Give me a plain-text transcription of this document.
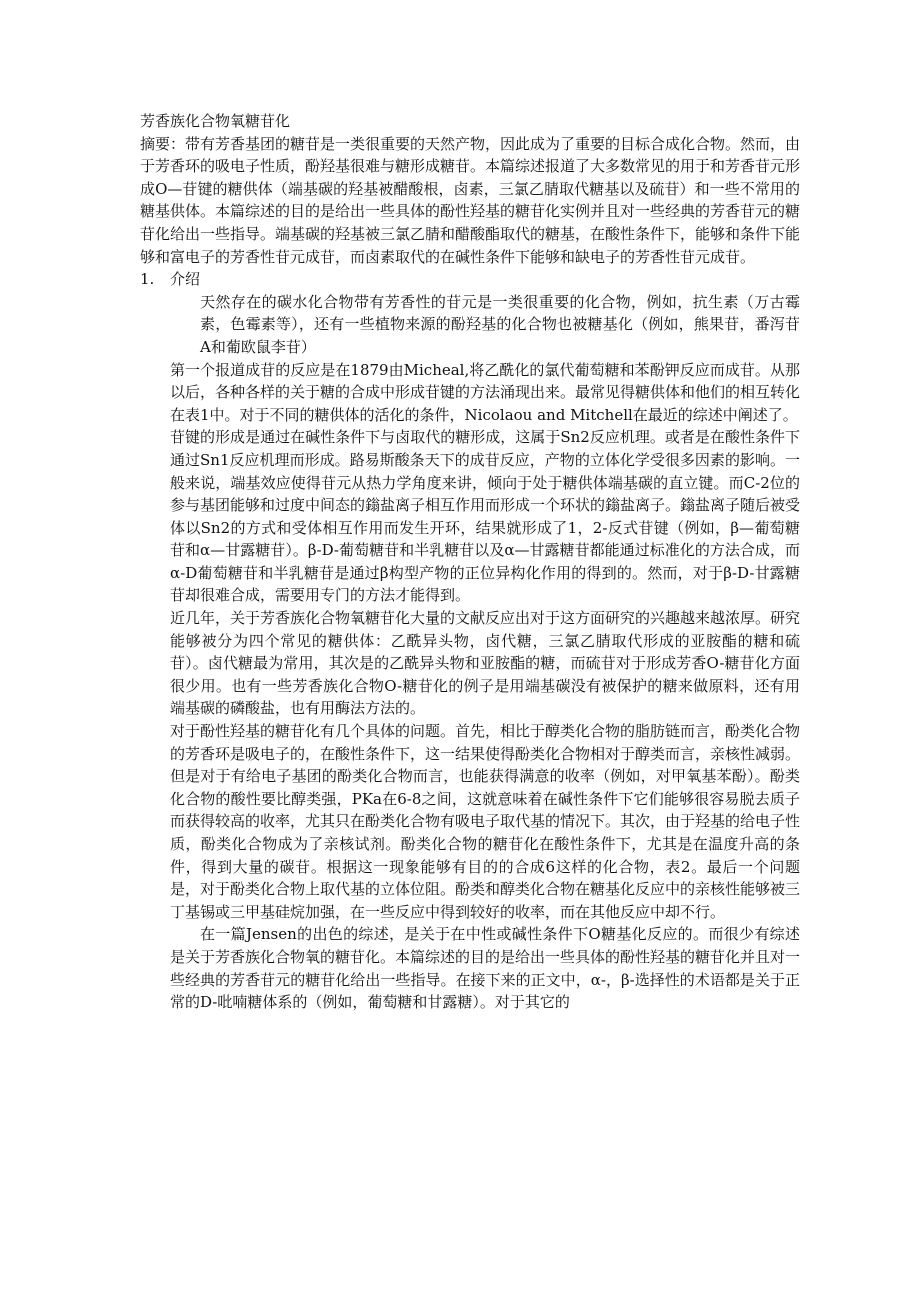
芳香族化合物氧糖苷化

摘要：带有芳香基团的糖苷是一类很重要的天然产物，因此成为了重要的目标合成化合物。然而，由于芳香环的吸电子性质，酚羟基很难与糖形成糖苷。本篇综述报道了大多数常见的用于和芳香苷元形成O—苷键的糖供体（端基碳的羟基被醋酸根，卤素，三氯乙腈取代糖基以及硫苷）和一些不常用的糖基供体。本篇综述的目的是给出一些具体的酚性羟基的糖苷化实例并且对一些经典的芳香苷元的糖苷化给出一些指导。端基碳的羟基被三氯乙腈和醋酸酯取代的糖基，在酸性条件下，能够和条件下能够和富电子的芳香性苷元成苷，而卤素取代的在碱性条件下能够和缺电子的芳香性苷元成苷。

1.	介绍

天然存在的碳水化合物带有芳香性的苷元是一类很重要的化合物，例如，抗生素（万古霉素，色霉素等），还有一些植物来源的酚羟基的化合物也被糖基化（例如，熊果苷，番泻苷A和葡欧鼠李苷）

第一个报道成苷的反应是在1879由Micheal,将乙酰化的氯代葡萄糖和苯酚钾反应而成苷。从那以后，各种各样的关于糖的合成中形成苷键的方法涌现出来。最常见得糖供体和他们的相互转化在表1中。对于不同的糖供体的活化的条件，Nicolaou and Mitchell在最近的综述中阐述了。

苷键的形成是通过在碱性条件下与卤取代的糖形成，这属于Sn2反应机理。或者是在酸性条件下通过Sn1反应机理而形成。路易斯酸条天下的成苷反应，产物的立体化学受很多因素的影响。一般来说，端基效应使得苷元从热力学角度来讲，倾向于处于糖供体端基碳的直立键。而C-2位的参与基团能够和过度中间态的鎓盐离子相互作用而形成一个环状的鎓盐离子。鎓盐离子随后被受体以Sn2的方式和受体相互作用而发生开环，结果就形成了1，2-反式苷键（例如，β—葡萄糖苷和α—甘露糖苷）。β-D-葡萄糖苷和半乳糖苷以及α—甘露糖苷都能通过标准化的方法合成，而α-D葡萄糖苷和半乳糖苷是通过β构型产物的正位异构化作用的得到的。然而，对于β-D-甘露糖苷却很难合成，需要用专门的方法才能得到。

近几年，关于芳香族化合物氧糖苷化大量的文献反应出对于这方面研究的兴趣越来越浓厚。研究能够被分为四个常见的糖供体：乙酰异头物，卤代糖，三氯乙腈取代形成的亚胺酯的糖和硫苷）。卤代糖最为常用，其次是的乙酰异头物和亚胺酯的糖，而硫苷对于形成芳香O-糖苷化方面很少用。也有一些芳香族化合物O-糖苷化的例子是用端基碳没有被保护的糖来做原料，还有用端基碳的磷酸盐，也有用酶法方法的。

对于酚性羟基的糖苷化有几个具体的问题。首先，相比于醇类化合物的脂肪链而言，酚类化合物的芳香环是吸电子的，在酸性条件下，这一结果使得酚类化合物相对于醇类而言，亲核性减弱。但是对于有给电子基团的酚类化合物而言，也能获得满意的收率（例如，对甲氧基苯酚）。酚类化合物的酸性要比醇类强，PKa在6-8之间，这就意味着在碱性条件下它们能够很容易脱去质子而获得较高的收率，尤其只在酚类化合物有吸电子取代基的情况下。其次，由于羟基的给电子性质，酚类化合物成为了亲核试剂。酚类化合物的糖苷化在酸性条件下，尤其是在温度升高的条件，得到大量的碳苷。根据这一现象能够有目的的合成6这样的化合物，表2。最后一个问题是，对于酚类化合物上取代基的立体位阻。酚类和醇类化合物在糖基化反应中的亲核性能够被三丁基锡或三甲基硅烷加强，在一些反应中得到较好的收率，而在其他反应中却不行。

在一篇Jensen的出色的综述，是关于在中性或碱性条件下O糖基化反应的。而很少有综述是关于芳香族化合物氧的糖苷化。本篇综述的目的是给出一些具体的酚性羟基的糖苷化并且对一些经典的芳香苷元的糖苷化给出一些指导。在接下来的正文中，α-，β-选择性的术语都是关于正常的D-吡喃糖体系的（例如，葡萄糖和甘露糖）。对于其它的
